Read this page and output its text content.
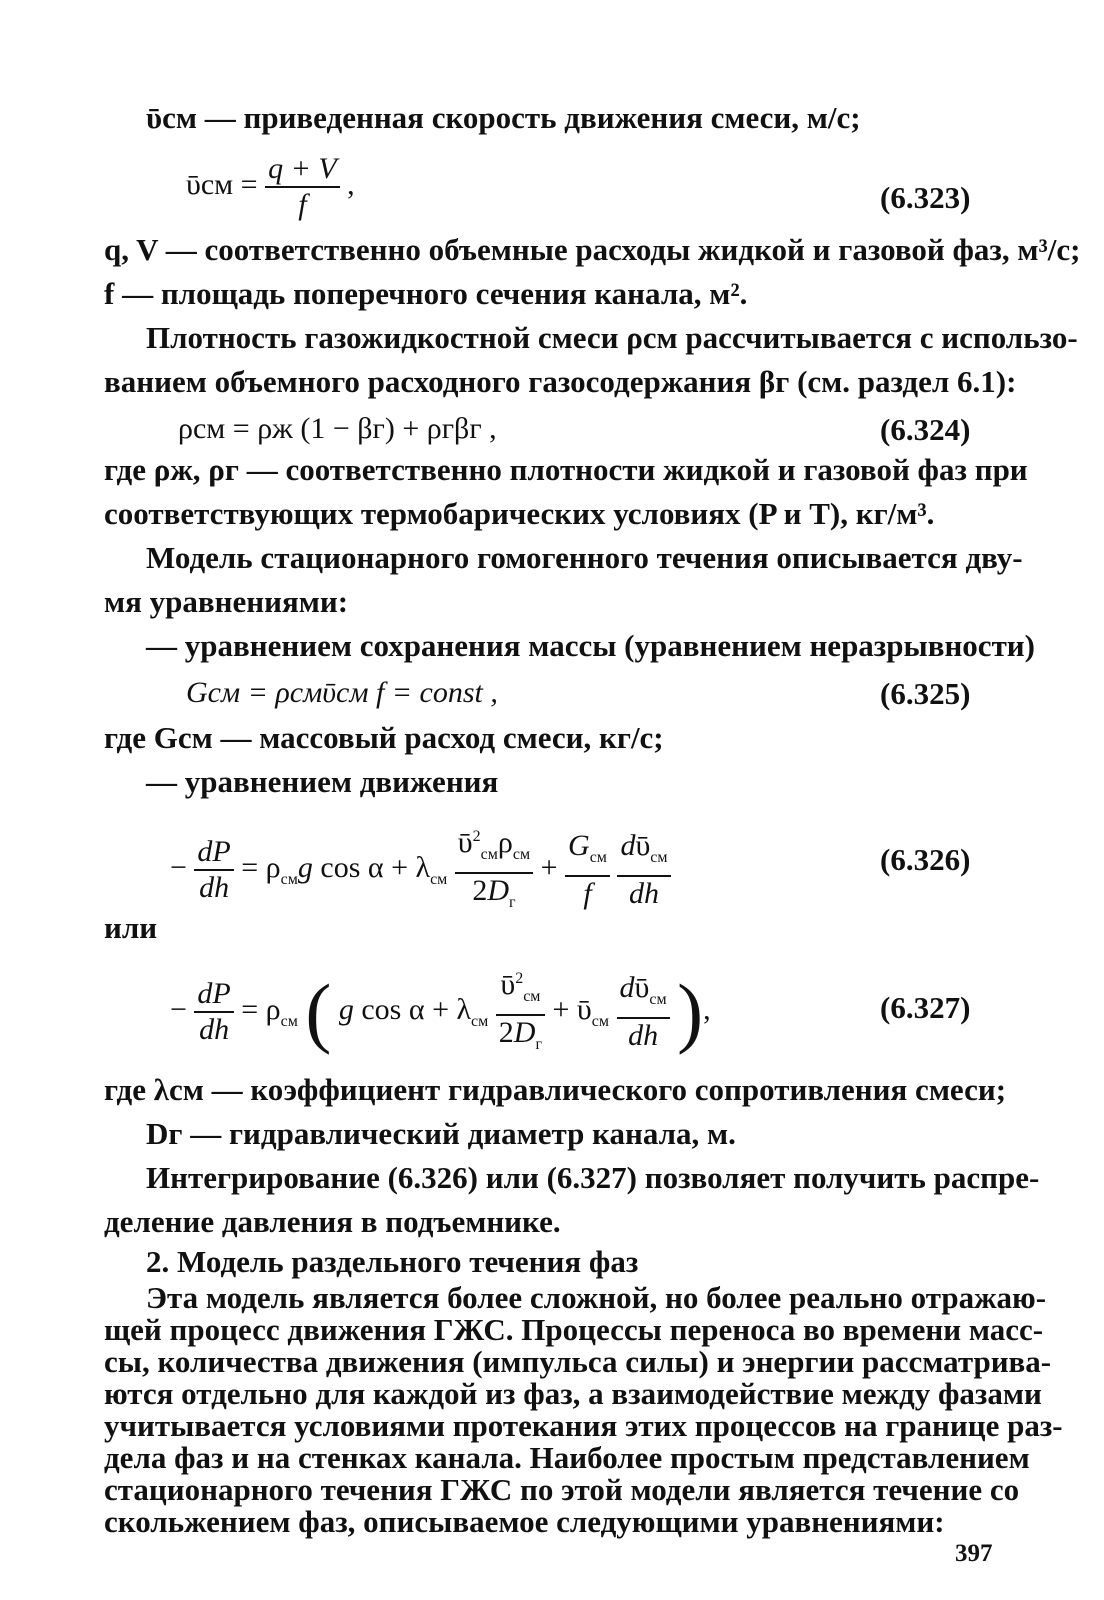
ῡсм — приведенная скорость движения смеси, м/с;
ῡсм = $\frac{q + V}{f}$ ,	(6.323)
q, V — соответственно объемные расходы жидкой и газовой фаз, м³/с;
f — площадь поперечного сечения канала, м².
Плотность газожидкостной смеси ρсм рассчитывается с использо-
ванием объемного расходного газосодержания βг (см. раздел 6.1):
ρсм = ρж (1 − βг) + ρгβг ,	(6.324)
где ρж, ρг — соответственно плотности жидкой и газовой фаз при
соответствующих термобарических условиях (P и T), кг/м³.
Модель стационарного гомогенного течения описывается дву-
мя уравнениями:
— уравнением сохранения массы (уравнением неразрывности)
Gсм = ρсмῡсм f = const ,	(6.325)
где Gсм — массовый расход смеси, кг/с;
— уравнением движения
− $\frac{dP}{dh} = \rho_{см}g$ $\cos \alpha + \lambda_{см} \frac{ῡ^2_{см}\rho_{см}}{2D_г} + \frac{G_{см}}{f}$
$\frac{dῡ_{см}}{dh}$	(6.326)
или
− $\frac{dP}{dh} = \rho_{см}$ ( g $\cos \alpha + \lambda_{см} \frac{ῡ^2_{см}}{2D_г}$ + ῡ$_{см}$ $\frac{dῡ_{см}}{dh}$ ),	(6.327)
где λсм — коэффициент гидравлического сопротивления смеси;
Dг — гидравлический диаметр канала, м.
Интегрирование (6.326) или (6.327) позволяет получить распре-
деление давления в подъемнике.
2. Модель раздельного течения фаз
397
Эта модель является более сложной, но более реально отражаю-
щей процесс движения ГЖС. Процессы переноса во времени масс-
сы, количества движения (импульса силы) и энергии рассматрива-
ются отдельно для каждой из фаз, а взаимодействие между фазами
учитывается условиями протекания этих процессов на границе раз-
дела фаз и на стенках канала. Наиболее простым представлением
стационарного течения ГЖС по этой модели является течение со
скольжением фаз, описываемое следующими уравнениями:
